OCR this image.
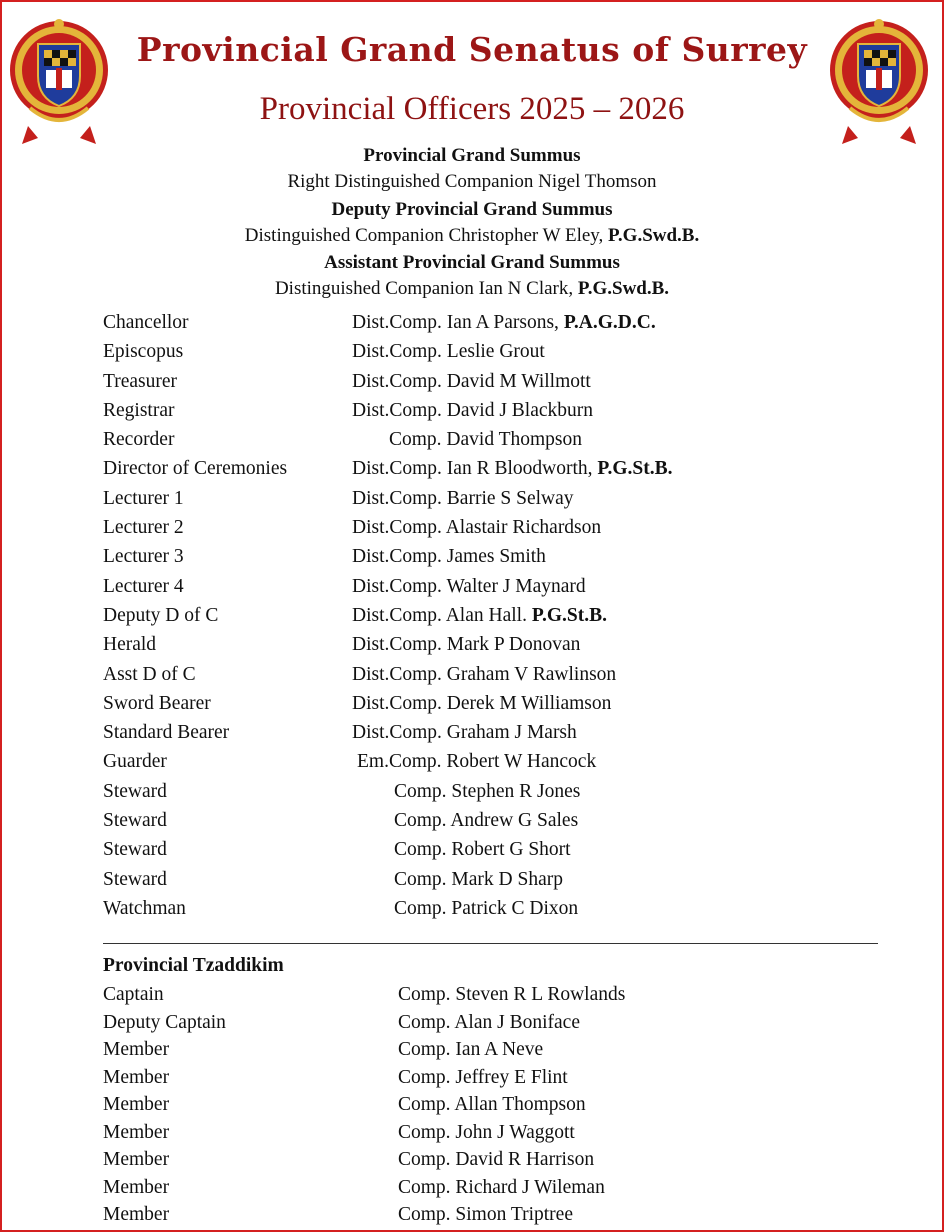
Provincial Grand Senatus of Surrey
Provincial Officers 2025 – 2026
Provincial Grand Summus
Right Distinguished Companion Nigel Thomson
Deputy Provincial Grand Summus
Distinguished Companion Christopher W Eley, P.G.Swd.B.
Assistant Provincial Grand Summus
Distinguished Companion Ian N Clark, P.G.Swd.B.
Chancellor	Dist.Comp. Ian A Parsons, P.A.G.D.C.
Episcopus	Dist.Comp. Leslie Grout
Treasurer	Dist.Comp. David M Willmott
Registrar	Dist.Comp. David J Blackburn
Recorder	Comp. David Thompson
Director of Ceremonies	Dist.Comp. Ian R Bloodworth, P.G.St.B.
Lecturer 1	Dist.Comp. Barrie S Selway
Lecturer 2	Dist.Comp. Alastair Richardson
Lecturer 3	Dist.Comp. James Smith
Lecturer 4	Dist.Comp. Walter J Maynard
Deputy D of C	Dist.Comp. Alan Hall. P.G.St.B.
Herald	Dist.Comp. Mark P Donovan
Asst D of C	Dist.Comp. Graham V Rawlinson
Sword Bearer	Dist.Comp. Derek M Williamson
Standard Bearer	Dist.Comp. Graham J Marsh
Guarder	Em.Comp. Robert W Hancock
Steward	Comp. Stephen R Jones
Steward	Comp. Andrew G Sales
Steward	Comp. Robert G Short
Steward	Comp. Mark D Sharp
Watchman	Comp. Patrick C Dixon
Provincial Tzaddikim
Captain	Comp. Steven R L Rowlands
Deputy Captain	Comp. Alan J Boniface
Member	Comp. Ian A Neve
Member	Comp. Jeffrey E Flint
Member	Comp. Allan Thompson
Member	Comp. John J Waggott
Member	Comp. David R Harrison
Member	Comp. Richard J Wileman
Member	Comp. Simon Triptree
